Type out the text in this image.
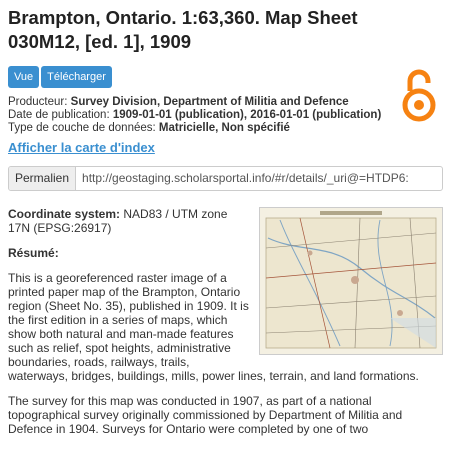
Brampton, Ontario. 1:63,360. Map Sheet 030M12, [ed. 1], 1909
Vue	Télécharger
Producteur: Survey Division, Department of Militia and Defence
Date de publication: 1909-01-01 (publication), 2016-01-01 (publication)
Type de couche de données: Matricielle, Non spécifié
Afficher la carte d'index
Permalien	http://geostaging.scholarsportal.info/#r/details/_uri@=HTDP6:

Coordinate system: NAD83 / UTM zone 17N (EPSG:26917)

Résumé:

This is a georeferenced raster image of a printed paper map of the Brampton, Ontario region (Sheet No. 35), published in 1909. It is the first edition in a series of maps, which show both natural and man-made features such as relief, spot heights, administrative boundaries, roads, railways, trails, waterways, bridges, buildings, mills, power lines, terrain, and land formations.

The survey for this map was conducted in 1907, as part of a national topographical survey originally commissioned by Department of Militia and Defence in 1904. Surveys for Ontario were completed by one of two
